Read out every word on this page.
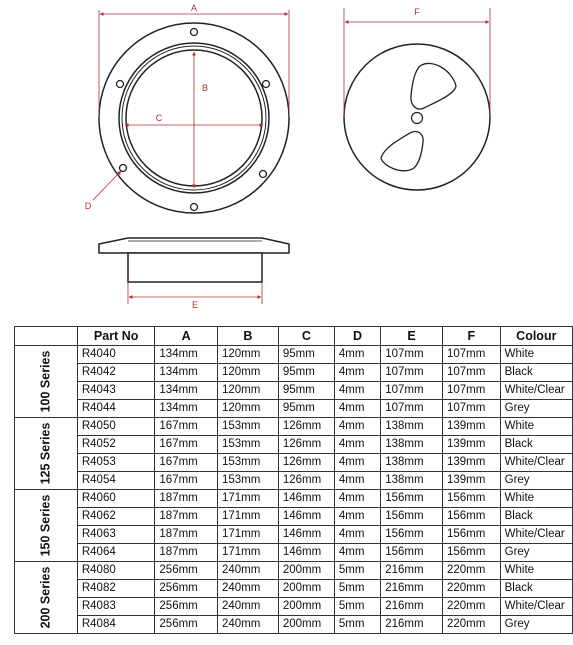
A
B
C
D
F
E
	Part No	A	B	C	D	E	F	Colour
100 Series	R4040	134mm	120mm	95mm	4mm	107mm	107mm	White
	R4042	134mm	120mm	95mm	4mm	107mm	107mm	Black
	R4043	134mm	120mm	95mm	4mm	107mm	107mm	White/Clear
	R4044	134mm	120mm	95mm	4mm	107mm	107mm	Grey
125 Series	R4050	167mm	153mm	126mm	4mm	138mm	139mm	White
	R4052	167mm	153mm	126mm	4mm	138mm	139mm	Black
	R4053	167mm	153mm	126mm	4mm	138mm	139mm	White/Clear
	R4054	167mm	153mm	126mm	4mm	138mm	139mm	Grey
150 Series	R4060	187mm	171mm	146mm	4mm	156mm	156mm	White
	R4062	187mm	171mm	146mm	4mm	156mm	156mm	Black
	R4063	187mm	171mm	146mm	4mm	156mm	156mm	White/Clear
	R4064	187mm	171mm	146mm	4mm	156mm	156mm	Grey
200 Series	R4080	256mm	240mm	200mm	5mm	216mm	220mm	White
	R4082	256mm	240mm	200mm	5mm	216mm	220mm	Black
	R4083	256mm	240mm	200mm	5mm	216mm	220mm	White/Clear
	R4084	256mm	240mm	200mm	5mm	216mm	220mm	Grey
